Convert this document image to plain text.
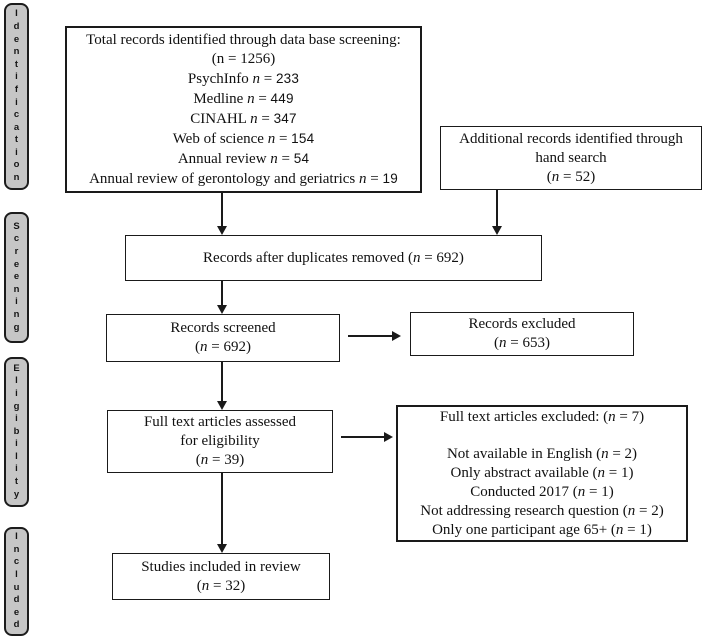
I
d
e
n
t
i
f
i
c
a
t
i
o
n
S
c
r
e
e
n
i
n
g
E
l
i
g
i
b
i
l
i
t
y
I
n
c
l
u
d
e
d
Total records identified through data base screening:
(n = 1256)
PsychInfo n = 233
Medline n = 449
CINAHL n = 347
Web of science n = 154
Annual review n = 54
Annual review of gerontology and geriatrics n = 19
Additional records identified through
hand search
(n = 52)
Records after duplicates removed (n = 692)
Records screened
(n = 692)
Records excluded
(n = 653)
Full text articles assessed
for eligibility
(n = 39)
Full text articles excluded: (n = 7)
Not available in English (n = 2)
Only abstract available (n = 1)
Conducted 2017 (n = 1)
Not addressing research question (n = 2)
Only one participant age 65+ (n = 1)
Studies included in review
(n = 32)
